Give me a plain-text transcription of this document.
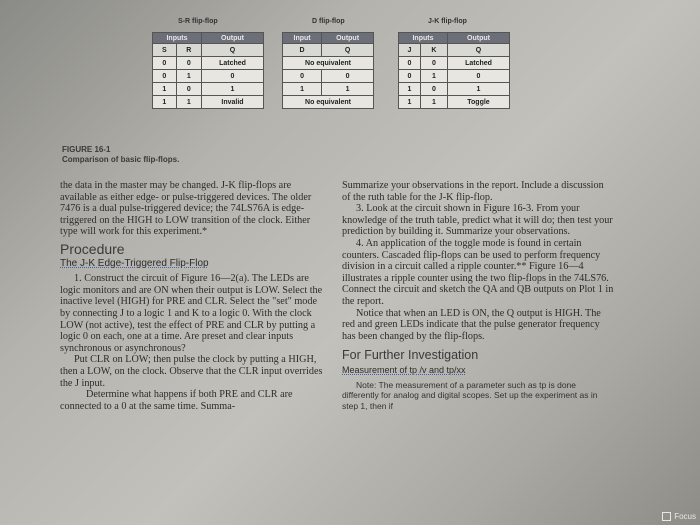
S-R flip-flop
Inputs		Output
S	R	Q
0	0	Latched
0	1	0
1	0	1
1	1	Invalid
D flip-flop
Input	Output
D	Q
No equivalent	
0	0
1	1
No equivalent	
J-K flip-flop
Inputs		Output
J	K	Q
0	0	Latched
0	1	0
1	0	1
1	1	Toggle
FIGURE 16-1
Comparison of basic flip-flops.

the data in the master may be changed. J-K flip-flops are available as either edge- or pulse-triggered devices. The older 7476 is a dual pulse-triggered device; the 74LS76A is edge-triggered on the HIGH to LOW transition of the clock. Either type will work for this experiment.*

Procedure
The J-K Edge-Triggered Flip-Flop

1. Construct the circuit of Figure 16—2(a). The LEDs are logic monitors and are ON when their output is LOW. Select the inactive level (HIGH) for PRE and CLR. Select the "set" mode by connecting J to a logic 1 and K to a logic 0. With the clock LOW (not active), test the effect of PRE and CLR by putting a logic 0 on each, one at a time. Are preset and clear inputs synchronous or asynchronous?

Put CLR on LOW; then pulse the clock by putting a HIGH, then a LOW, on the clock. Observe that the CLR input overrides the J input.

Determine what happens if both PRE and CLR are connected to a 0 at the same time. Summa-

Summarize your observations in the report. Include a discussion of the ruth table for the J-K flip-flop.

3. Look at the circuit shown in Figure 16-3. From your knowledge of the truth table, predict what it will do; then test your prediction by building it. Summarize your observations.

4. An application of the toggle mode is found in certain counters. Cascaded flip-flops can be used to perform frequency division in a circuit called a ripple counter.** Figure 16—4 illustrates a ripple counter using the two flip-flops in the 74LS76. Connect the circuit and sketch the QA and QB outputs on Plot 1 in the report.

Notice that when an LED is ON, the Q output is HIGH. The red and green LEDs indicate that the pulse generator frequency has been changed by the flip-flops.

For Further Investigation
Measurement of tp /v and tp/xx

Note: The measurement of a parameter such as tp is done differently for analog and digital scopes. Set up the experiment as in step 1, then if

Focus
